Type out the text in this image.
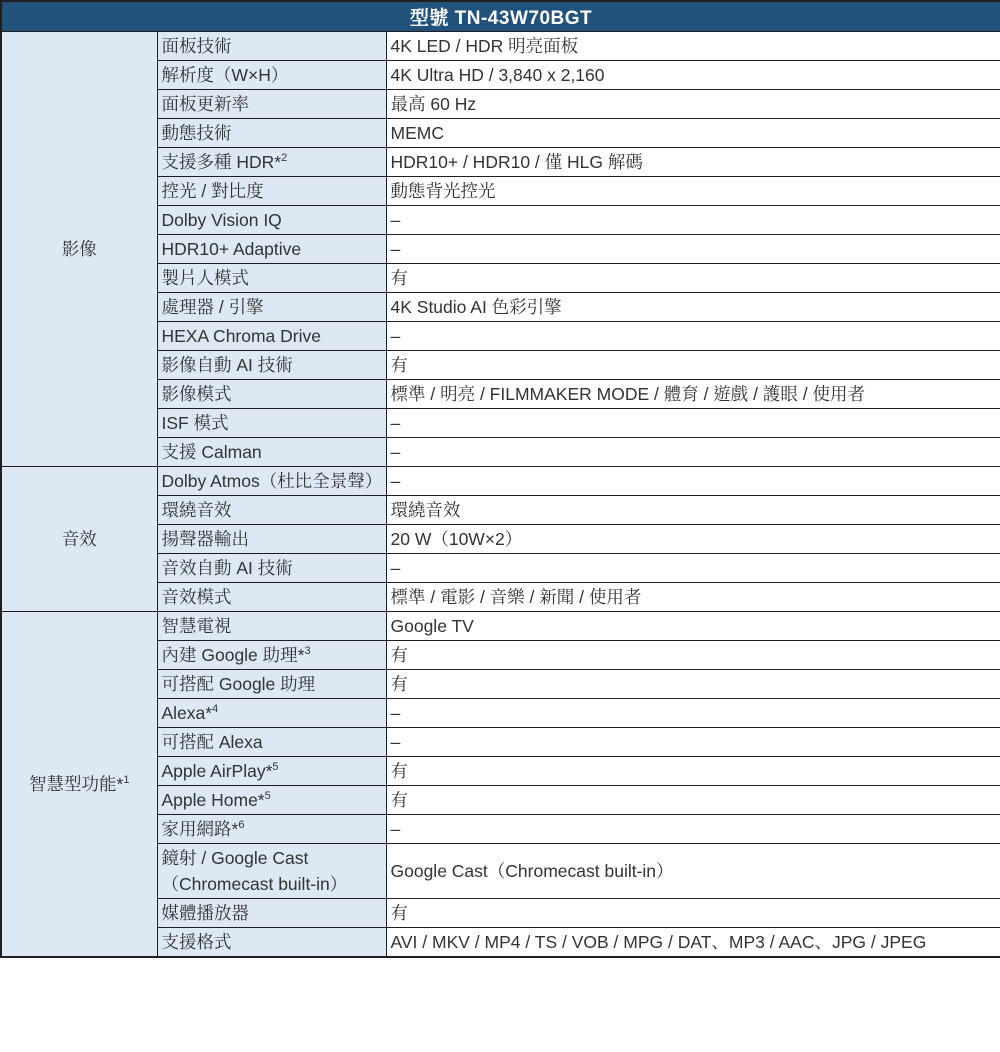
型號 TN-43W70BGT		
影像	面板技術	4K LED / HDR 明亮面板
	解析度（W×H）	4K Ultra HD / 3,840 x 2,160
	面板更新率	最高 60 Hz
	動態技術	MEMC
	支援多種 HDR*$^2$	HDR10+ / HDR10 / 僅 HLG 解碼
	控光 / 對比度	動態背光控光
	Dolby Vision IQ	–
	HDR10+ Adaptive	–
	製片人模式	有
	處理器 / 引擎	4K Studio AI 色彩引擎
	HEXA Chroma Drive	–
	影像自動 AI 技術	有
	影像模式	標準 / 明亮 / FILMMAKER MODE / 體育 / 遊戲 / 護眼 / 使用者
	ISF 模式	–
	支援 Calman	–
音效	Dolby Atmos（杜比全景聲）	–
	環繞音效	環繞音效
	揚聲器輸出	20 W（10W×2）
	音效自動 AI 技術	–
	音效模式	標準 / 電影 / 音樂 / 新聞 / 使用者
智慧型功能*$^1$	智慧電視	Google TV
	內建 Google 助理*$^3$	有
	可搭配 Google 助理	有
	Alexa*$^4$	–
	可搭配 Alexa	–
	Apple AirPlay*$^5$	有
	Apple Home*$^5$	有
	家用網路*$^6$	–
	鏡射 / Google Cast（Chromecast built-in）	Google Cast（Chromecast built-in）
	媒體播放器	有
	支援格式	AVI / MKV / MP4 / TS / VOB / MPG / DAT、MP3 / AAC、JPG / JPEG
